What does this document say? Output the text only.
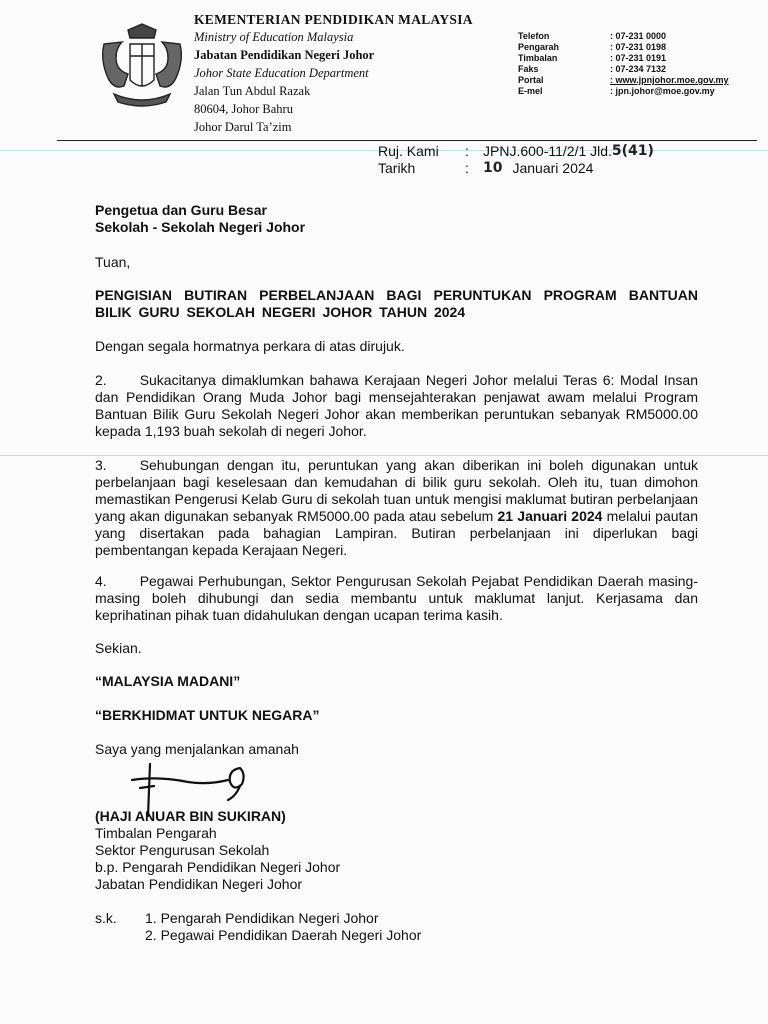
KEMENTERIAN PENDIDIKAN MALAYSIA
Ministry of Education Malaysia
Jabatan Pendidikan Negeri Johor
Johor State Education Department
Jalan Tun Abdul Razak
80604, Johor Bahru
Johor Darul Ta’zim
Telefon	: 07-231 0000
Pengarah	: 07-231 0198
Timbalan	: 07-231 0191
Faks	: 07-234 7132
Portal	: www.jpnjohor.moe.gov.my
E-mel	: jpn.johor@moe.gov.my
Ruj. Kami	:	JPNJ.600-11/2/1 Jld. 5(41)
Tarikh	:	10 Januari 2024
Pengetua dan Guru Besar
Sekolah - Sekolah Negeri Johor
Tuan,
PENGISIAN BUTIRAN PERBELANJAAN BAGI PERUNTUKAN PROGRAM BANTUAN BILIK GURU SEKOLAH NEGERI JOHOR TAHUN 2024
Dengan segala hormatnya perkara di atas dirujuk.
2. Sukacitanya dimaklumkan bahawa Kerajaan Negeri Johor melalui Teras 6: Modal Insan dan Pendidikan Orang Muda Johor bagi mensejahterakan penjawat awam melalui Program Bantuan Bilik Guru Sekolah Negeri Johor akan memberikan peruntukan sebanyak RM5000.00 kepada 1,193 buah sekolah di negeri Johor.
3. Sehubungan dengan itu, peruntukan yang akan diberikan ini boleh digunakan untuk perbelanjaan bagi keselesaan dan kemudahan di bilik guru sekolah. Oleh itu, tuan dimohon memastikan Pengerusi Kelab Guru di sekolah tuan untuk mengisi maklumat butiran perbelanjaan yang akan digunakan sebanyak RM5000.00 pada atau sebelum 21 Januari 2024 melalui pautan yang disertakan pada bahagian Lampiran. Butiran perbelanjaan ini diperlukan bagi pembentangan kepada Kerajaan Negeri.
4. Pegawai Perhubungan, Sektor Pengurusan Sekolah Pejabat Pendidikan Daerah masing-masing boleh dihubungi dan sedia membantu untuk maklumat lanjut. Kerjasama dan keprihatinan pihak tuan didahulukan dengan ucapan terima kasih.
Sekian.
“MALAYSIA MADANI”
“BERKHIDMAT UNTUK NEGARA”
Saya yang menjalankan amanah
(HAJI ANUAR BIN SUKIRAN)
Timbalan Pengarah
Sektor Pengurusan Sekolah
b.p. Pengarah Pendidikan Negeri Johor
Jabatan Pendidikan Negeri Johor
s.k.	1. Pengarah Pendidikan Negeri Johor
2. Pegawai Pendidikan Daerah Negeri Johor
